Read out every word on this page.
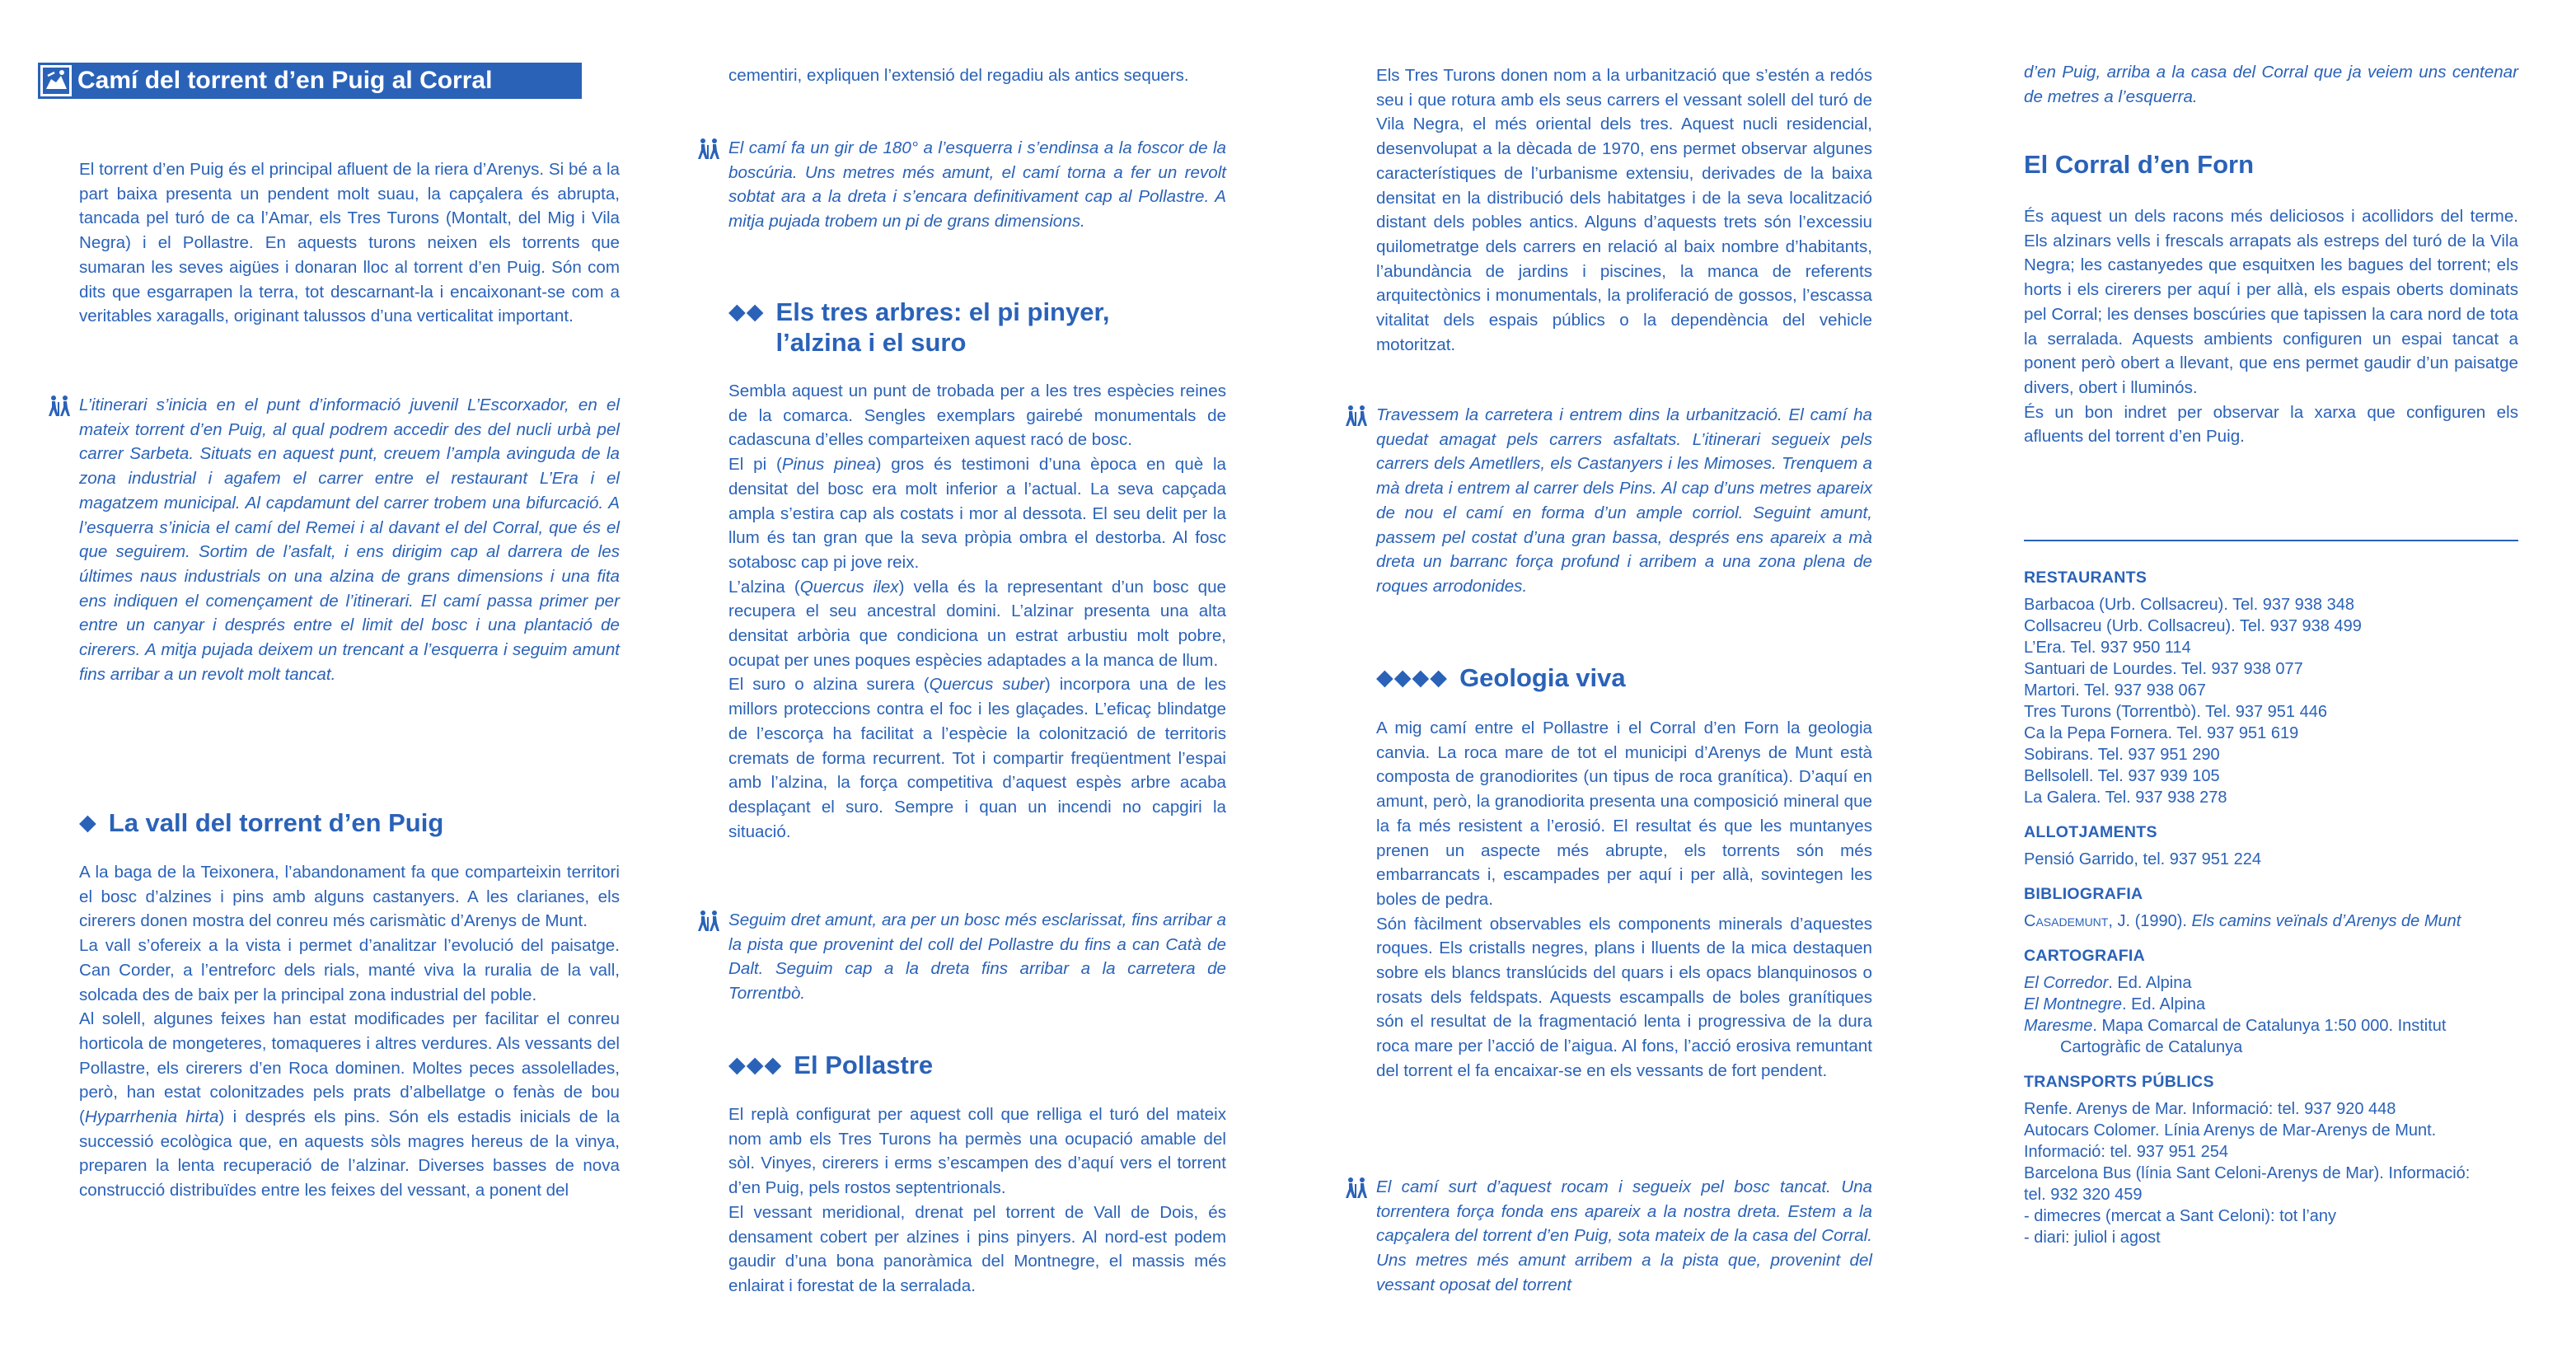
Camí del torrent d’en Puig al Corral

El torrent d’en Puig és el principal afluent de la riera d’Arenys. Si bé a la part baixa presenta un pendent molt suau, la capçalera és abrupta, tancada pel turó de ca l’Amar, els Tres Turons (Montalt, del Mig i Vila Negra) i el Pollastre. En aquests turons neixen els torrents que sumaran les seves aigües i donaran lloc al torrent d’en Puig. Són com dits que esgarrapen la terra, tot descarnant-la i encaixonant-se com a veritables xaragalls, originant talussos d’una verticalitat important.

L’itinerari s’inicia en el punt d’informació juvenil L’Escorxador, en el mateix torrent d’en Puig, al qual podrem accedir des del nucli urbà pel carrer Sarbeta. Situats en aquest punt, creuem l’ampla avinguda de la zona industrial i agafem el carrer entre el restaurant L’Era i el magatzem municipal. Al capdamunt del carrer trobem una bifurcació. A l’esquerra s’inicia el camí del Remei i al davant el del Corral, que és el que seguirem. Sortim de l’asfalt, i ens dirigim cap al darrera de les últimes naus industrials on una alzina de grans dimensions i una fita ens indiquen el començament de l’itinerari. El camí passa primer per entre un canyar i després entre el limit del bosc i una plantació de cirerers. A mitja pujada deixem un trencant a l’esquerra i seguim amunt fins arribar a un revolt molt tancat.

◆ La vall del torrent d’en Puig

A la baga de la Teixonera, l’abandonament fa que comparteixin territori el bosc d’alzines i pins amb alguns castanyers. A les clarianes, els cirerers donen mostra del conreu més carismàtic d’Arenys de Munt.

La vall s’ofereix a la vista i permet d’analitzar l’evolució del paisatge. Can Corder, a l’entreforc dels rials, manté viva la ruralia de la vall, solcada des de baix per la principal zona industrial del poble.

Al solell, algunes feixes han estat modificades per facilitar el conreu horticola de mongeteres, tomaqueres i altres verdures. Als vessants del Pollastre, els cirerers d’en Roca dominen. Moltes peces assolellades, però, han estat colonitzades pels prats d’albellatge o fenàs de bou (Hyparrhenia hirta) i després els pins. Són els estadis inicials de la successió ecològica que, en aquests sòls magres hereus de la vinya, preparen la lenta recuperació de l’alzinar. Diverses basses de nova construcció distribuïdes entre les feixes del vessant, a ponent del

cementiri, expliquen l’extensió del regadiu als antics sequers.

El camí fa un gir de 180° a l’esquerra i s’endinsa a la foscor de la boscúria. Uns metres més amunt, el camí torna a fer un revolt sobtat ara a la dreta i s’encara definitivament cap al Pollastre. A mitja pujada trobem un pi de grans dimensions.

◆◆ Els tres arbres: el pi pinyer,
l’alzina i el suro

Sembla aquest un punt de trobada per a les tres espècies reines de la comarca. Sengles exemplars gairebé monumentals de cadascuna d’elles comparteixen aquest racó de bosc.

El pi (Pinus pinea) gros és testimoni d’una època en què la densitat del bosc era molt inferior a l’actual. La seva capçada ampla s’estira cap als costats i mor al dessota. El seu delit per la llum és tan gran que la seva pròpia ombra el destorba. Al fosc sotabosc cap pi jove reix.

L’alzina (Quercus ilex) vella és la representant d’un bosc que recupera el seu ancestral domini. L’alzinar presenta una alta densitat arbòria que condiciona un estrat arbustiu molt pobre, ocupat per unes poques espècies adaptades a la manca de llum.

El suro o alzina surera (Quercus suber) incorpora una de les millors proteccions contra el foc i les glaçades. L’eficaç blindatge de l’escorça ha facilitat a l’espècie la colonització de territoris cremats de forma recurrent. Tot i compartir freqüentment l’espai amb l’alzina, la força competitiva d’aquest espès arbre acaba desplaçant el suro. Sempre i quan un incendi no capgiri la situació.

Seguim dret amunt, ara per un bosc més esclarissat, fins arribar a la pista que provenint del coll del Pollastre du fins a can Catà de Dalt. Seguim cap a la dreta fins arribar a la carretera de Torrentbò.

◆◆◆ El Pollastre

El replà configurat per aquest coll que relliga el turó del mateix nom amb els Tres Turons ha permès una ocupació amable del sòl. Vinyes, cirerers i erms s’escampen des d’aquí vers el torrent d’en Puig, pels rostos septentrionals.

El vessant meridional, drenat pel torrent de Vall de Dois, és densament cobert per alzines i pins pinyers. Al nord-est podem gaudir d’una bona panoràmica del Montnegre, el massis més enlairat i forestat de la serralada.

Els Tres Turons donen nom a la urbanització que s’estén a redós seu i que rotura amb els seus carrers el vessant solell del turó de Vila Negra, el més oriental dels tres. Aquest nucli residencial, desenvolupat a la dècada de 1970, ens permet observar algunes característiques de l’urbanisme extensiu, derivades de la baixa densitat en la distribució dels habitatges i de la seva localització distant dels pobles antics. Alguns d’aquests trets són l’excessiu quilometratge dels carrers en relació al baix nombre d’habitants, l’abundància de jardins i piscines, la manca de referents arquitectònics i monumentals, la proliferació de gossos, l’escassa vitalitat dels espais públics o la dependència del vehicle motoritzat.

Travessem la carretera i entrem dins la urbanització. El camí ha quedat amagat pels carrers asfaltats. L’itinerari segueix pels carrers dels Ametllers, els Castanyers i les Mimoses. Trenquem a mà dreta i entrem al carrer dels Pins. Al cap d’uns metres apareix de nou el camí en forma d’un ample corriol. Seguint amunt, passem pel costat d’una gran bassa, després ens apareix a mà dreta un barranc força profund i arribem a una zona plena de roques arrodonides.

◆◆◆◆ Geologia viva

A mig camí entre el Pollastre i el Corral d’en Forn la geologia canvia. La roca mare de tot el municipi d’Arenys de Munt està composta de granodiorites (un tipus de roca granítica). D’aquí en amunt, però, la granodiorita presenta una composició mineral que la fa més resistent a l’erosió. El resultat és que les muntanyes prenen un aspecte més abrupte, els torrents són més embarrancats i, escampades per aquí i per allà, sovintegen les boles de pedra.

Són fàcilment observables els components minerals d’aquestes roques. Els cristalls negres, plans i lluents de la mica destaquen sobre els blancs translúcids del quars i els opacs blanquinosos o rosats dels feldspats. Aquests escampalls de boles granítiques són el resultat de la fragmentació lenta i progressiva de la dura roca mare per l’acció de l’aigua. Al fons, l’acció erosiva remuntant del torrent el fa encaixar-se en els vessants de fort pendent.

El camí surt d’aquest rocam i segueix pel bosc tancat. Una torrentera força fonda ens apareix a la nostra dreta. Estem a la capçalera del torrent d’en Puig, sota mateix de la casa del Corral. Uns metres més amunt arribem a la pista que, provenint del vessant oposat del torrent

d’en Puig, arriba a la casa del Corral que ja veiem uns centenar de metres a l’esquerra.

El Corral d’en Forn

És aquest un dels racons més deliciosos i acollidors del terme. Els alzinars vells i frescals arrapats als estreps del turó de la Vila Negra; les castanyedes que esquitxen les bagues del torrent; els horts i els cirerers per aquí i per allà, els espais oberts dominats pel Corral; les denses boscúries que tapissen la cara nord de tota la serralada. Aquests ambients configuren un espai tancat a ponent però obert a llevant, que ens permet gaudir d’un paisatge divers, obert i lluminós.

És un bon indret per observar la xarxa que configuren els afluents del torrent d’en Puig.

RESTAURANTS

Barbacoa (Urb. Collsacreu). Tel. 937 938 348

Collsacreu (Urb. Collsacreu). Tel. 937 938 499

L’Era. Tel. 937 950 114

Santuari de Lourdes. Tel. 937 938 077

Martori. Tel. 937 938 067

Tres Turons (Torrentbò). Tel. 937 951 446

Ca la Pepa Fornera. Tel. 937 951 619

Sobirans. Tel. 937 951 290

Bellsolell. Tel. 937 939 105

La Galera. Tel. 937 938 278

ALLOTJAMENTS

Pensió Garrido, tel. 937 951 224

BIBLIOGRAFIA

Casademunt, J. (1990). Els camins veïnals d’Arenys de Munt

CARTOGRAFIA

El Corredor. Ed. Alpina

El Montnegre. Ed. Alpina

Maresme. Mapa Comarcal de Catalunya 1:50 000. Institut

Cartogràfic de Catalunya

TRANSPORTS PÚBLICS

Renfe. Arenys de Mar. Informació: tel. 937 920 448

Autocars Colomer. Línia Arenys de Mar-Arenys de Munt.

Informació: tel. 937 951 254

Barcelona Bus (línia Sant Celoni-Arenys de Mar). Informació:

tel. 932 320 459

- dimecres (mercat a Sant Celoni): tot l’any

- diari: juliol i agost
